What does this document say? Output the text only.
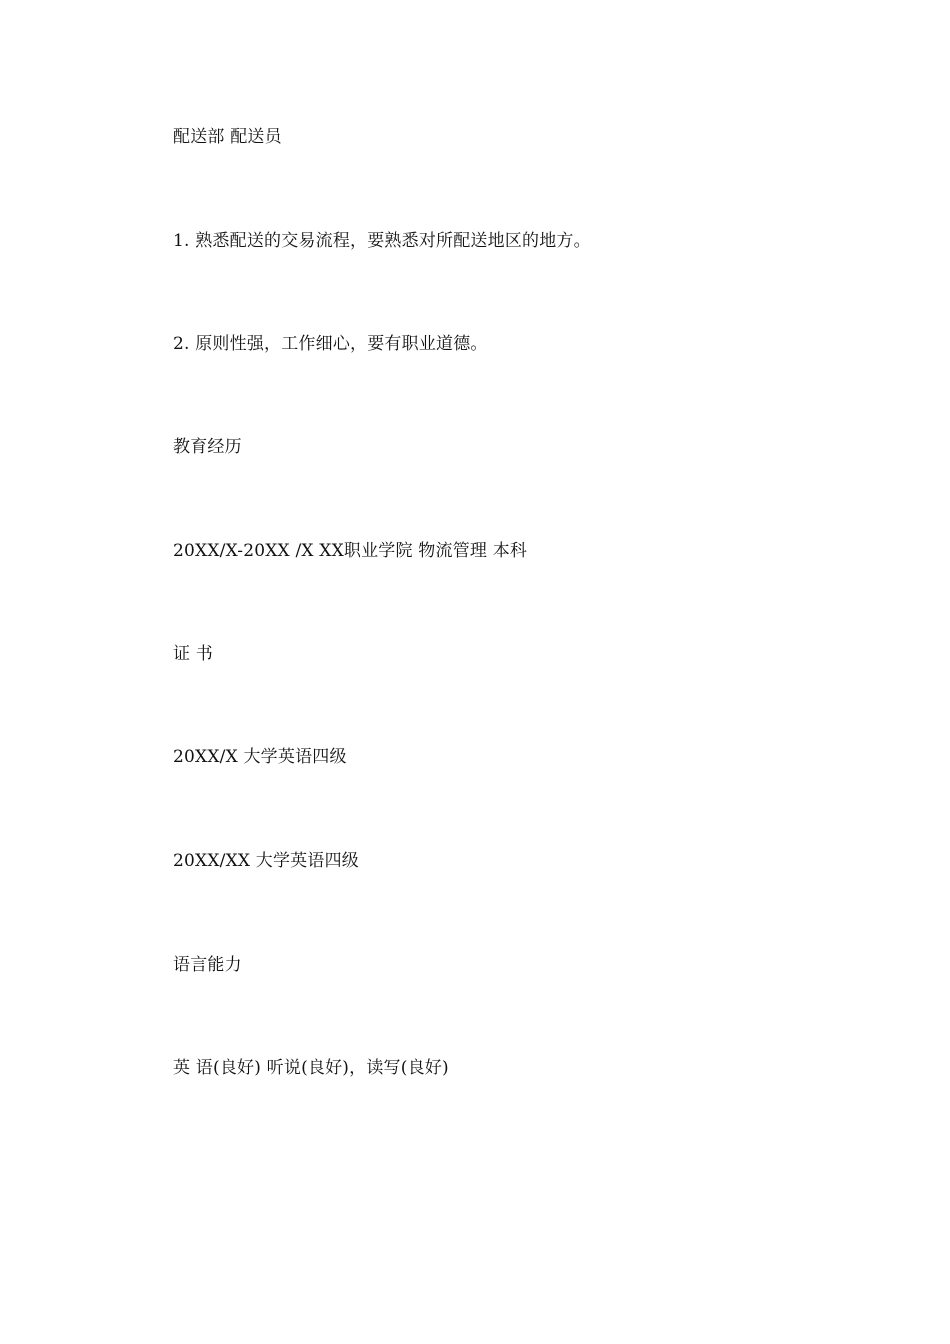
配送部 配送员
1. 熟悉配送的交易流程，要熟悉对所配送地区的地方。
2. 原则性强，工作细心，要有职业道德。
教育经历
20XX/X-20XX /X XX职业学院 物流管理 本科
证 书
20XX/X 大学英语四级
20XX/XX 大学英语四级
语言能力
英 语(良好) 听说(良好)，读写(良好)
